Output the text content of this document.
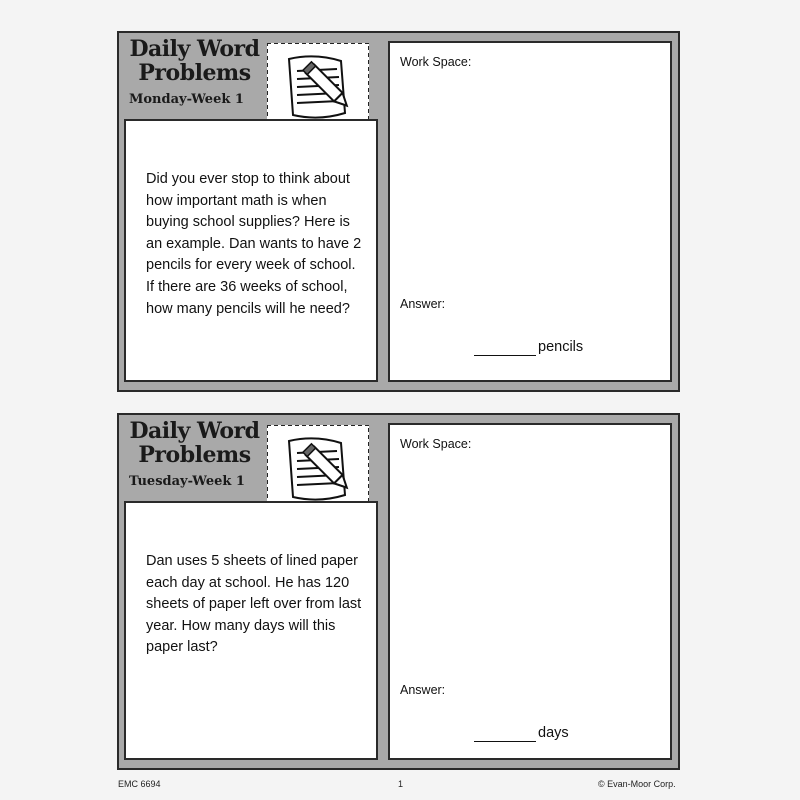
Daily Word
Problems
Monday-Week 1
Did you ever stop to think about how important math is when buying school supplies? Here is an example. Dan wants to have 2 pencils for every week of school. If there are 36 weeks of school, how many pencils will he need?
Work Space:
Answer:
pencils
Daily Word
Problems
Tuesday-Week 1
Dan uses 5 sheets of lined paper each day at school. He has 120 sheets of paper left over from last year. How many days will this paper last?
Work Space:
Answer:
days
EMC 6694	1	© Evan-Moor Corp.
